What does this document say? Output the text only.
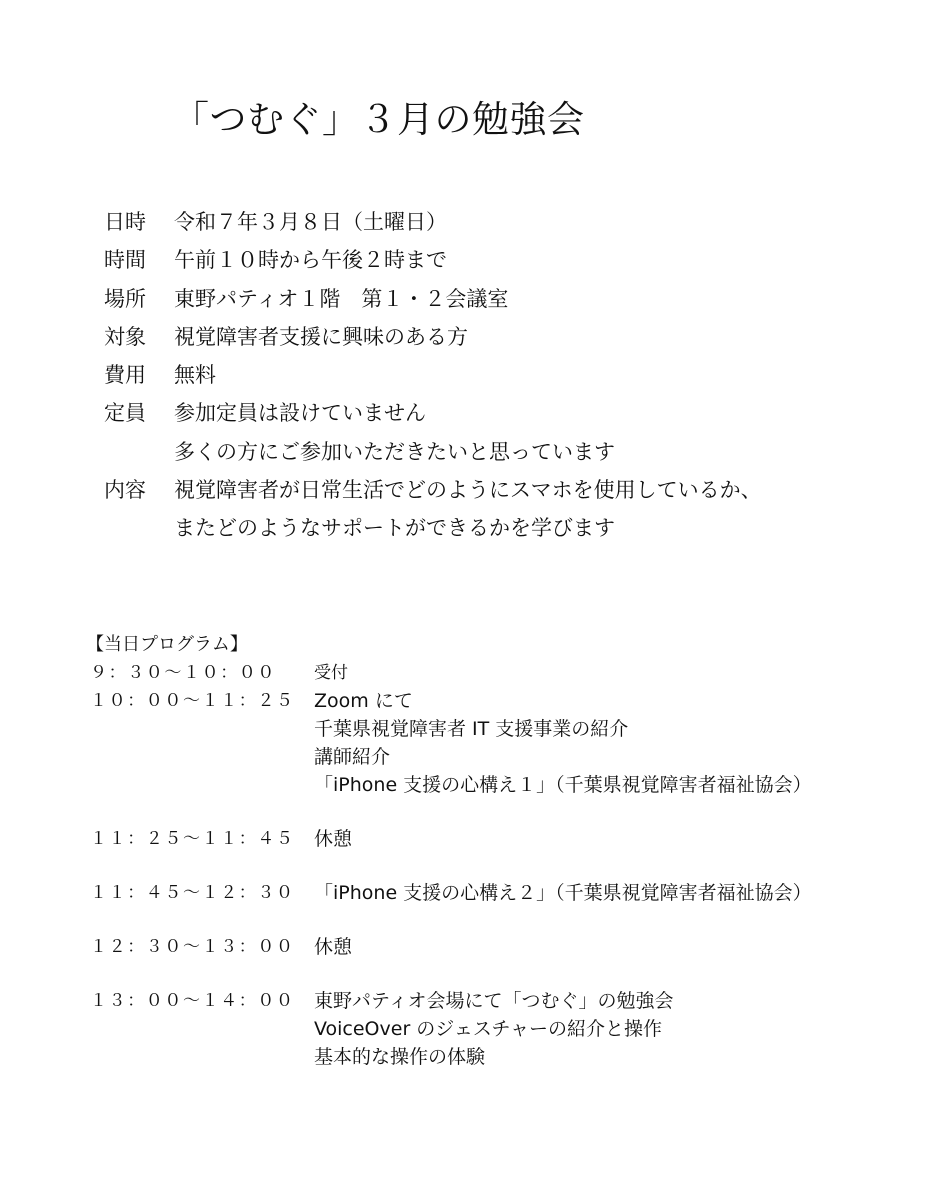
「つむぐ」３月の勉強会
日時	令和７年３月８日（土曜日）
時間	午前１０時から午後２時まで
場所	東野パティオ１階　第１・２会議室
対象	視覚障害者支援に興味のある方
費用	無料
定員	参加定員は設けていません
多くの方にご参加いただきたいと思っています
内容	視覚障害者が日常生活でどのようにスマホを使用しているか、
またどのようなサポートができるかを学びます
【当日プログラム】
９：３０～１０：００	受付
１０：００～１１：２５	Zoom にて
千葉県視覚障害者 IT 支援事業の紹介
講師紹介
「iPhone 支援の心構え１」（千葉県視覚障害者福祉協会）
１１：２５～１１：４５	休憩
１１：４５～１２：３０	「iPhone 支援の心構え２」（千葉県視覚障害者福祉協会）
１２：３０～１３：００	休憩
１３：００～１４：００	東野パティオ会場にて「つむぐ」の勉強会
VoiceOver のジェスチャーの紹介と操作
基本的な操作の体験
